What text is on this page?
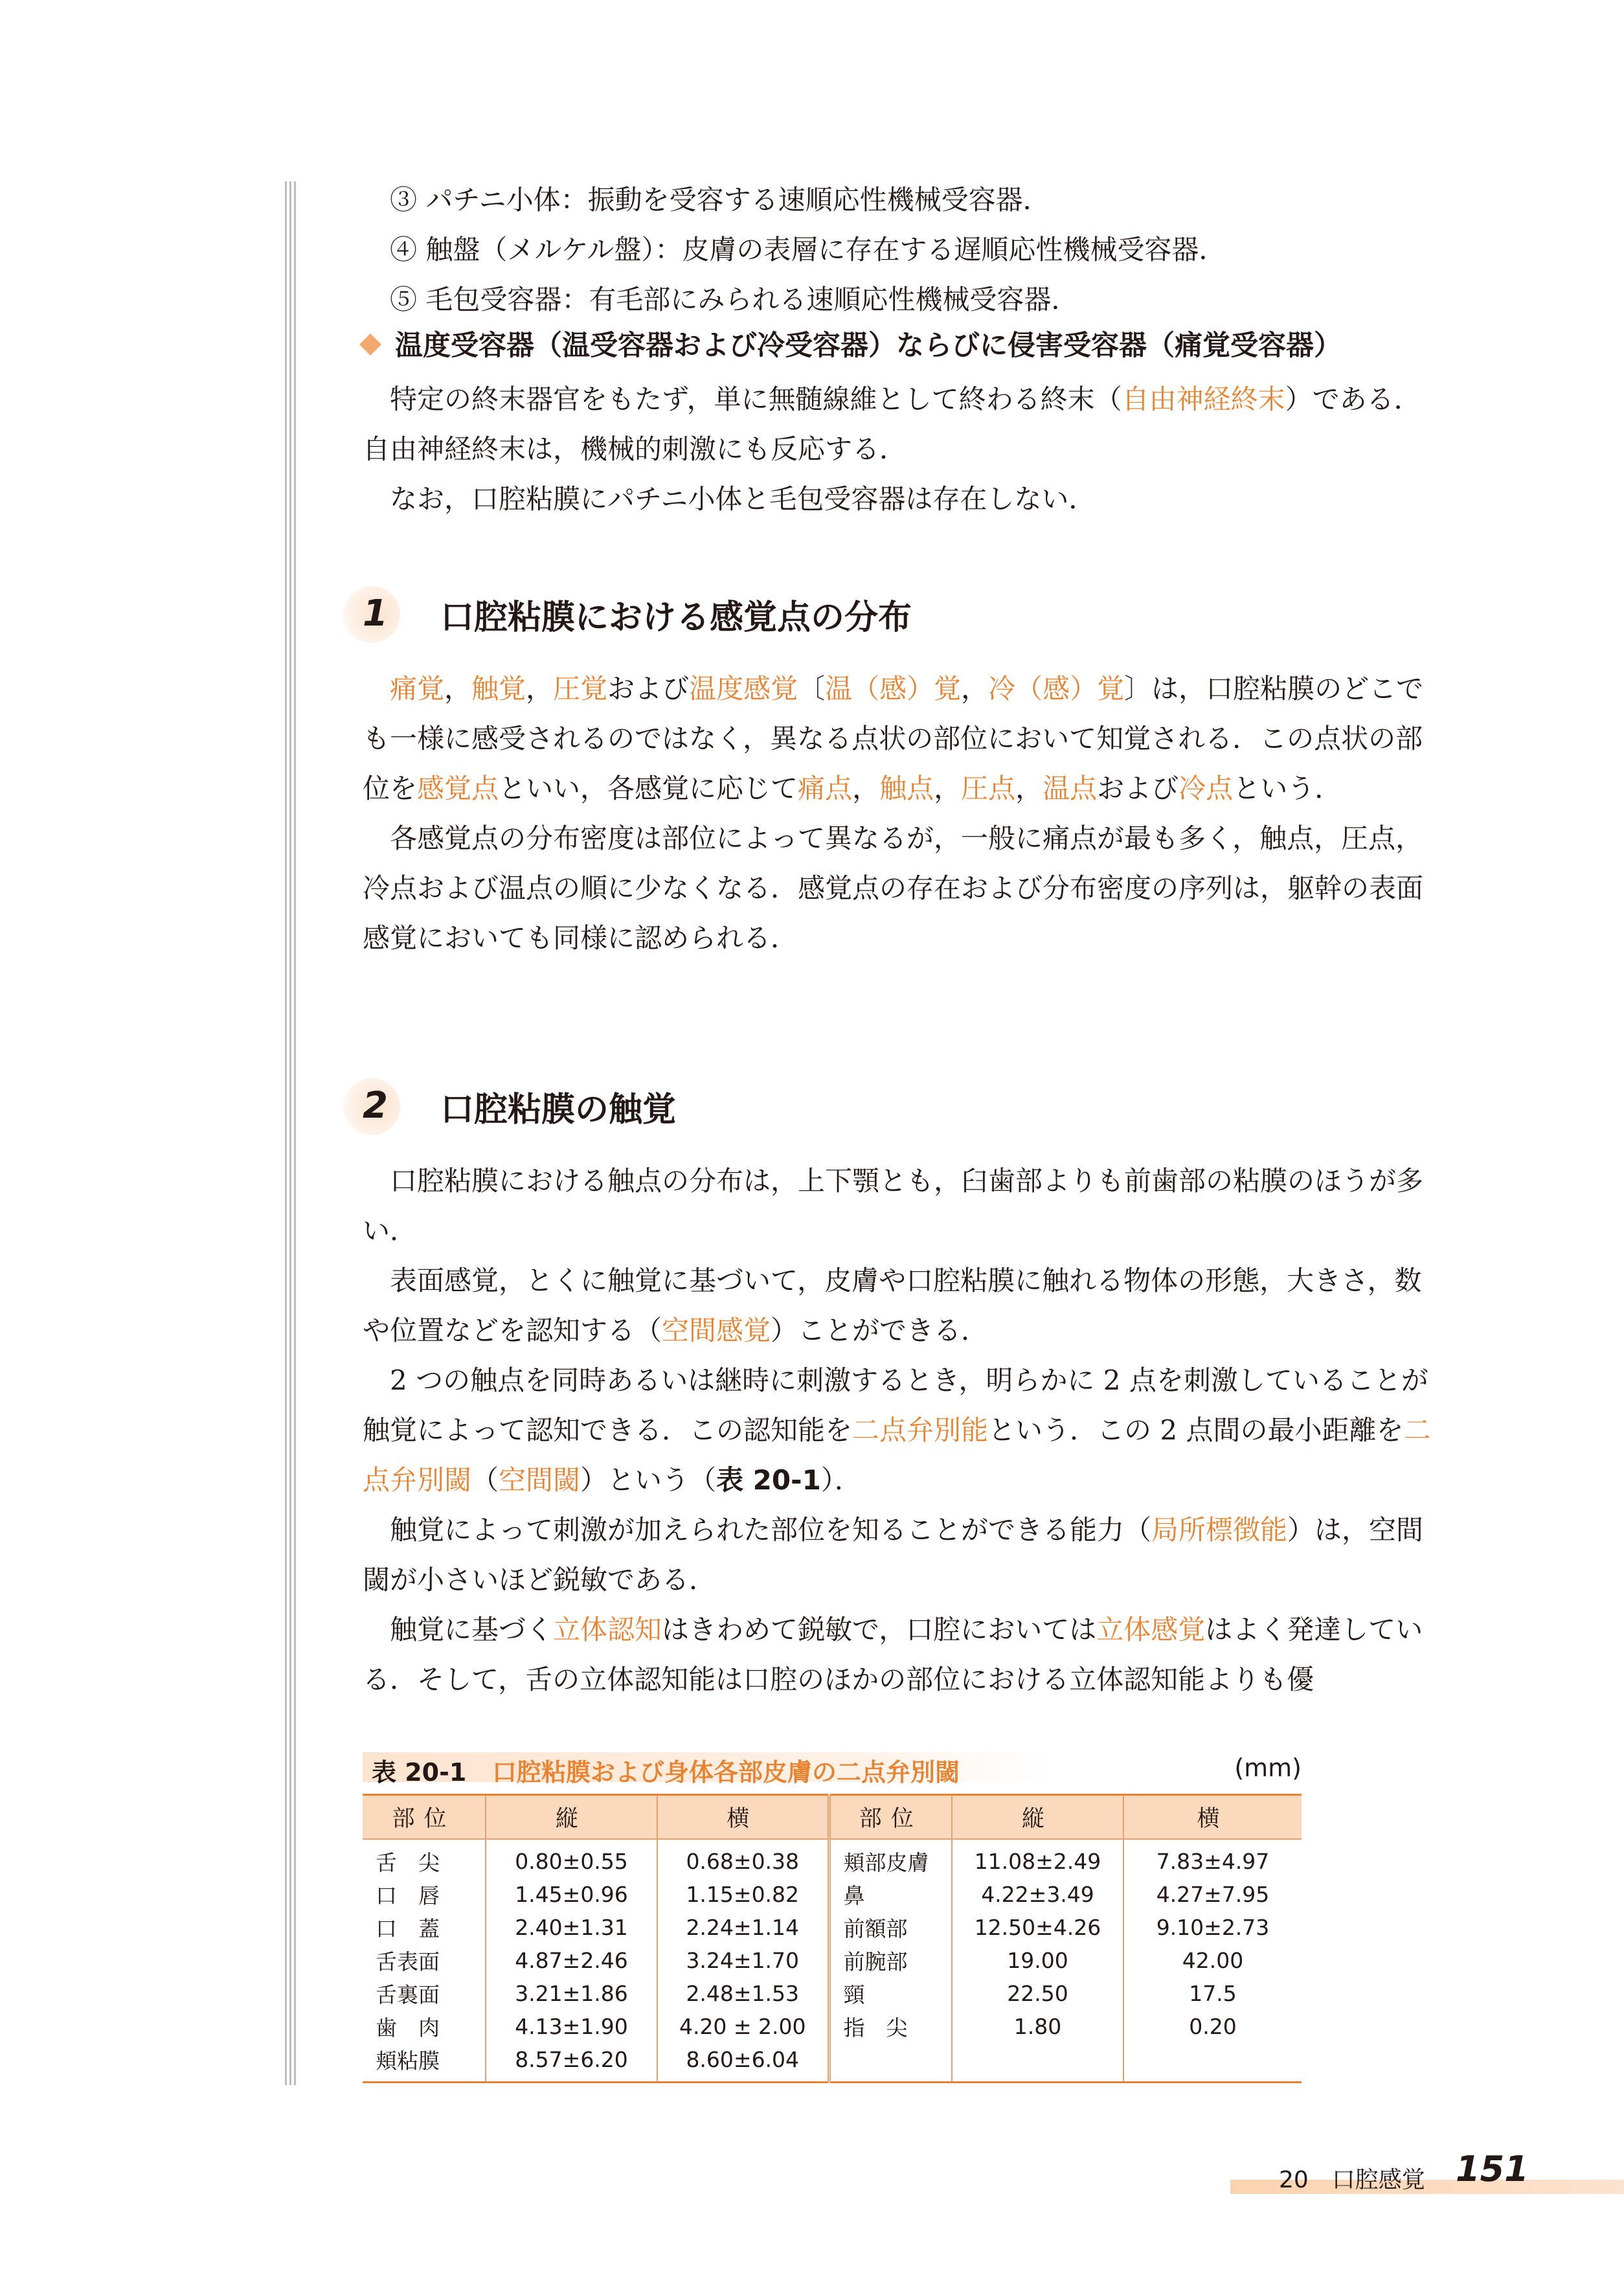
③ パチニ小体：振動を受容する速順応性機械受容器．

④ 触盤（メルケル盤）：皮膚の表層に存在する遅順応性機械受容器．

⑤ 毛包受容器：有毛部にみられる速順応性機械受容器．

温度受容器（温受容器および冷受容器）ならびに侵害受容器（痛覚受容器）

特定の終末器官をもたず，単に無髄線維として終わる終末（自由神経終末）である．自由神経終末は，機械的刺激にも反応する．

なお，口腔粘膜にパチニ小体と毛包受容器は存在しない．

1 口腔粘膜における感覚点の分布

痛覚，触覚，圧覚および温度感覚〔温（感）覚，冷（感）覚〕は，口腔粘膜のどこでも一様に感受されるのではなく，異なる点状の部位において知覚される．この点状の部位を感覚点といい，各感覚に応じて痛点，触点，圧点，温点および冷点という．

各感覚点の分布密度は部位によって異なるが，一般に痛点が最も多く，触点，圧点，冷点および温点の順に少なくなる．感覚点の存在および分布密度の序列は，躯幹の表面感覚においても同様に認められる．

2 口腔粘膜の触覚

口腔粘膜における触点の分布は，上下顎とも，臼歯部よりも前歯部の粘膜のほうが多い．

表面感覚，とくに触覚に基づいて，皮膚や口腔粘膜に触れる物体の形態，大きさ，数や位置などを認知する（空間感覚）ことができる．

2 つの触点を同時あるいは継時に刺激するとき，明らかに 2 点を刺激していることが触覚によって認知できる．この認知能を二点弁別能という．この 2 点間の最小距離を二点弁別閾（空間閾）という（表 20-1）．

触覚によって刺激が加えられた部位を知ることができる能力（局所標徴能）は，空間閾が小さいほど鋭敏である．

触覚に基づく立体認知はきわめて鋭敏で，口腔においては立体感覚はよく発達している．そして，舌の立体認知能は口腔のほかの部位における立体認知能よりも優

表 20-1 口腔粘膜および身体各部皮膚の二点弁別閾	(mm)
部位	縦	横	部位	縦	横
舌　尖	0.80±0.55	0.68±0.38	頬部皮膚	11.08±2.49	7.83±4.97
口　唇	1.45±0.96	1.15±0.82	鼻	4.22±3.49	4.27±7.95
口　蓋	2.40±1.31	2.24±1.14	前額部	12.50±4.26	9.10±2.73
舌表面	4.87±2.46	3.24±1.70	前腕部	19.00	42.00
舌裏面	3.21±1.86	2.48±1.53	頸	22.50	17.5
歯　肉	4.13±1.90	4.20 ± 2.00	指　尖	1.80	0.20
頬粘膜	8.57±6.20	8.60±6.04			
20　口腔感覚 151
